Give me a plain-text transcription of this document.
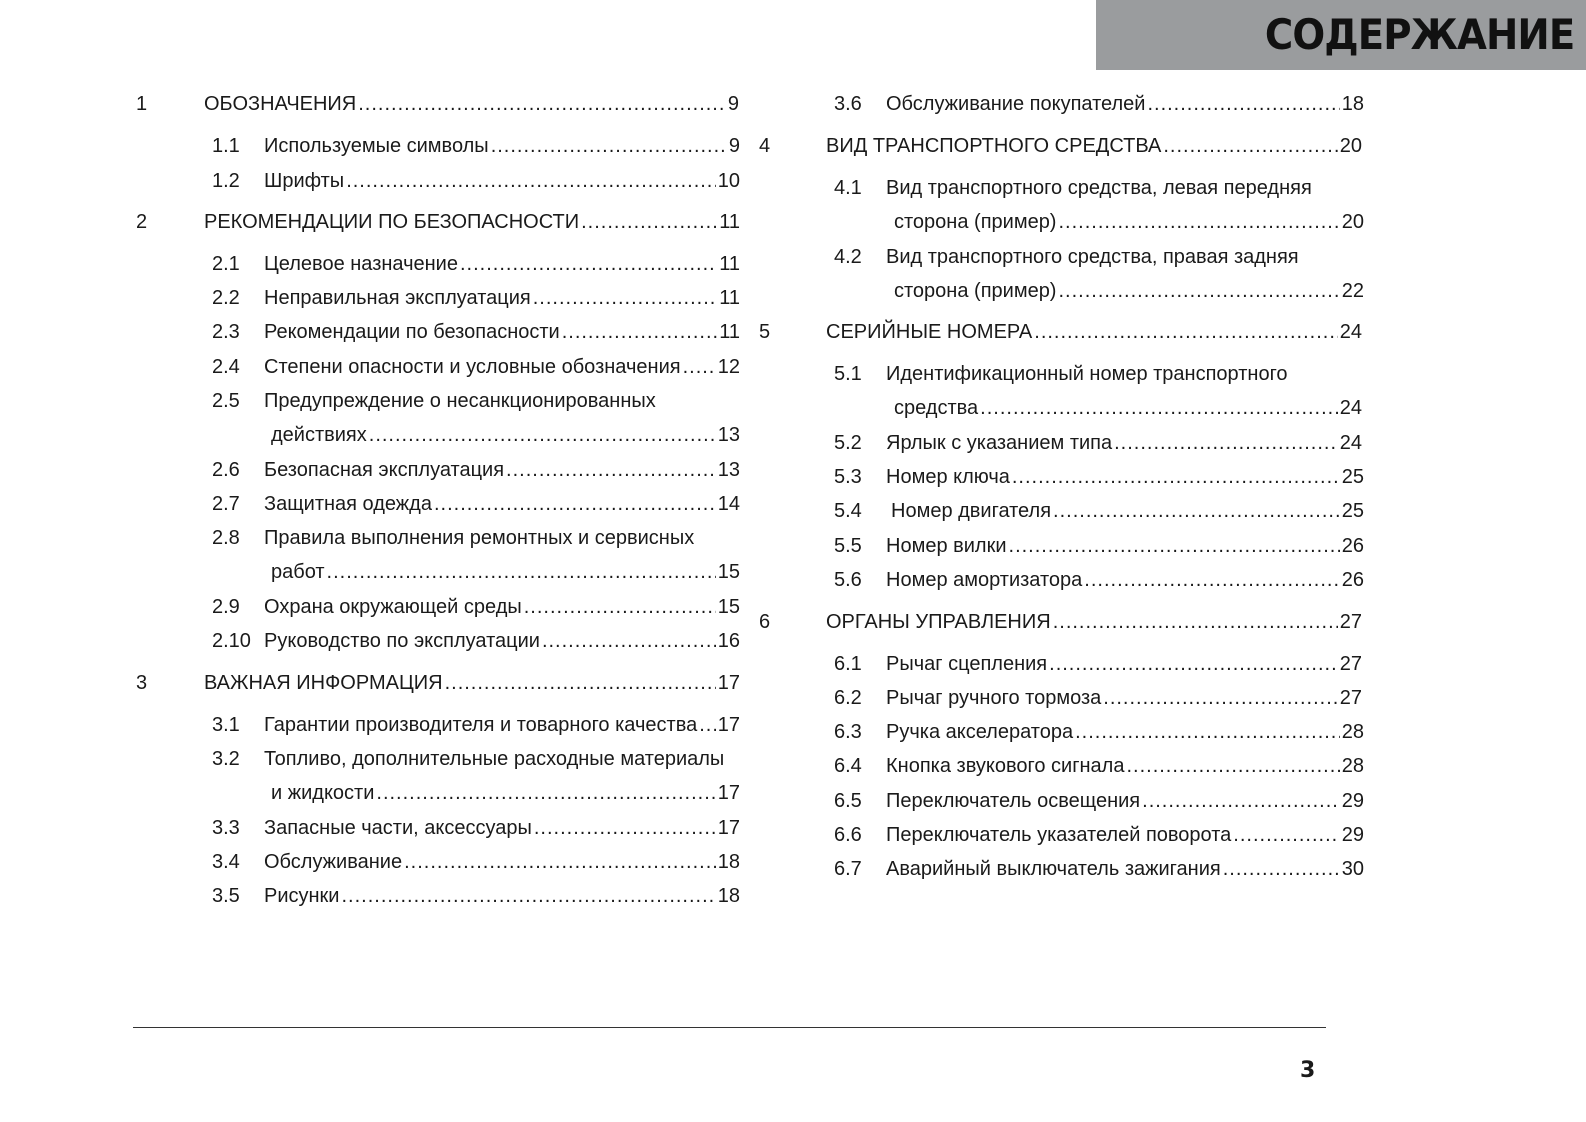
СОДЕРЖАНИЕ
1	ОБОЗНАЧЕНИЯ .....	9
1.1 Используемые символы .....	9
1.2 Шрифты .....	10
2	РЕКОМЕНДАЦИИ ПО БЕЗОПАСНОСТИ .....	11
2.1 Целевое назначение .....	11
2.2 Неправильная эксплуатация .....	11
2.3 Рекомендации по безопасности .....	11
2.4 Степени опасности и условные обозначения ..... 12
2.5 Предупреждение о несанкционированных
действиях .....	13
2.6 Безопасная эксплуатация .....	13
2.7 Защитная одежда .....	14
2.8 Правила выполнения ремонтных и сервисных
работ .....	15
2.9 Охрана окружающей среды .....	15
2.10 Руководство по эксплуатации .....	16
3	ВАЖНАЯ ИНФОРМАЦИЯ .....	17
3.1 Гарантии производителя и товарного качества ..... 17
3.2 Топливо, дополнительные расходные материалы
и жидкости .....	17
3.3 Запасные части, аксессуары .....	17
3.4 Обслуживание .....	18
3.5 Рисунки .....	18
3.6 Обслуживание покупателей .....	18
4	ВИД ТРАНСПОРТНОГО СРЕДСТВА .....	20
4.1 Вид транспортного средства, левая передняя
сторона (пример) .....	20
4.2 Вид транспортного средства, правая задняя
сторона (пример) .....	22
5	СЕРИЙНЫЕ НОМЕРА .....	24
5.1 Идентификационный номер транспортного
средства .....	24
5.2 Ярлык с указанием типа .....	24
5.3 Номер ключа .....	25
5.4 Номер двигателя .....	25
5.5 Номер вилки .....	26
5.6 Номер амортизатора .....	26
6	ОРГАНЫ УПРАВЛЕНИЯ .....	27
6.1 Рычаг сцепления .....	27
6.2 Рычаг ручного тормоза .....	27
6.3 Ручка акселератора .....	28
6.4 Кнопка звукового сигнала .....	28
6.5 Переключатель освещения .....	29
6.6 Переключатель указателей поворота .....	29
6.7 Аварийный выключатель зажигания .....	30
3
